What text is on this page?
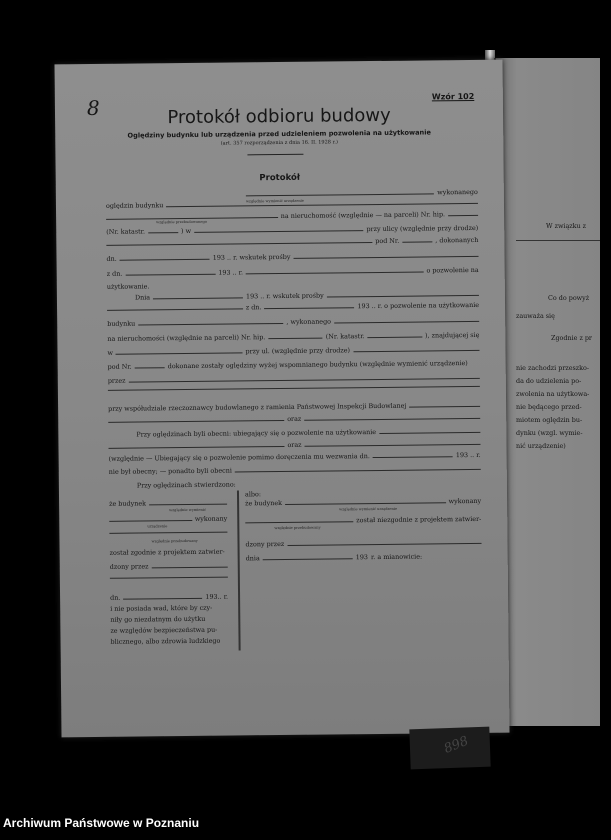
W związku z
Co do powyż
zauważa się
Zgodnie z pr
nie zachodzi przeszko-
da do udzielenia po-
zwolenia na użytkowa-
nie będącego przed-
miotem oględzin bu-
dynku (wzgl. wymie-
nić urządzenie)
8	Wzór 102
Protokół odbioru budowy
Oględziny budynku lub urządzenia przed udzieleniem pozwolenia na użytkowanie
(art. 357 rozporządzenia z dnia 16. II. 1928 r.)
Protokół
wykonanego
oględzin budynku
względnie wymienić urządzenie
na nieruchomość (względnie — na parceli) Nr. hip.
względnie przebudowanego
(Nr. katastr.	) w	przy ulicy (względnie przy drodze)
pod Nr.	, dokonanych
dn.	193 .. r. wskutek prośby
z dn.	193 .. r.	o pozwolenie na
użytkowanie.
Dnia	193 .. r. wskutek prośby
z dn.	193 .. r. o pozwolenie na użytkowanie
budynku	, wykonanego
na nieruchomości (względnie na parceli) Nr. hip.	(Nr. katastr.	), znajdującej się
w	przy ul. (względnie przy drodze)
pod Nr.	dokonane zostały oględziny wyżej wspomnianego budynku (względnie wymienić urządzenie)
przez
przy współudziale rzeczoznawcy budowlanego z ramienia Państwowej Inspekcji Budowlanej
oraz
Przy oględzinach byli obecni: ubiegający się o pozwolenie na użytkowanie
oraz
(względnie — Ubiegający się o pozwolenie pomimo doręczenia mu wezwania dn.	193 .. r.
nie był obecny; — ponadto byli obecni
Przy oględzinach stwierdzono:
że budynek
względnie wymienić
wykonany
urządzenie
względnie przebudowany
został zgodnie z projektem zatwier-
dzony przez
dn.	193.. r.
i nie posiada wad, które by czy-
niły go niezdatnym do użytku
ze względów bezpieczeństwa pu-
blicznego, albo zdrowia ludzkiego
albo:
że budynek	wykonany
względnie wymienić urządzenie
został niezgodnie z projektem zatwier-
względnie przebudowany
dzony przez
dnia	193 r. a mianowicie:
898
Archiwum Państwowe w Poznaniu
